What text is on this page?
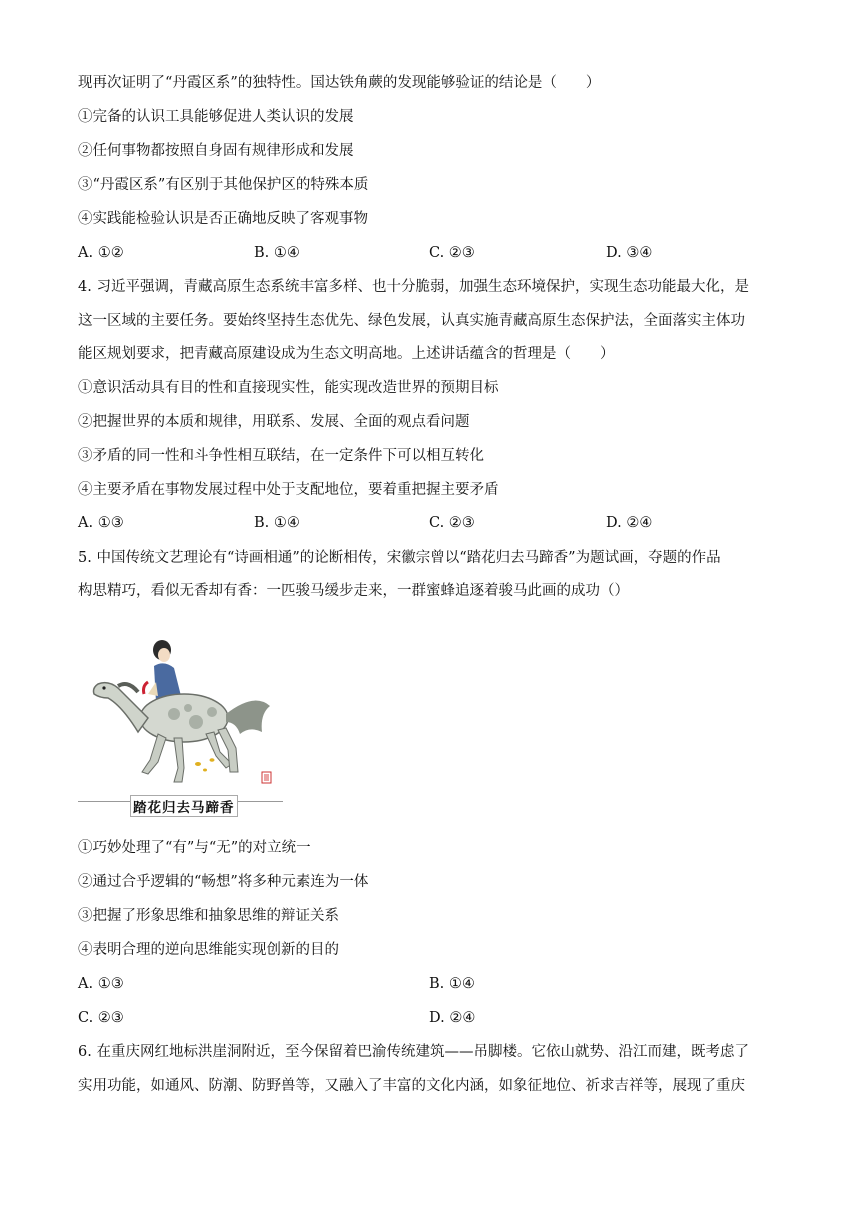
现再次证明了“丹霞区系”的独特性。国达铁角蕨的发现能够验证的结论是（　　）
①完备的认识工具能够促进人类认识的发展
②任何事物都按照自身固有规律形成和发展
③“丹霞区系”有区别于其他保护区的特殊本质
④实践能检验认识是否正确地反映了客观事物
A. ①②	B. ①④	C. ②③	D. ③④
4. 习近平强调，青藏高原生态系统丰富多样、也十分脆弱，加强生态环境保护，实现生态功能最大化，是
这一区域的主要任务。要始终坚持生态优先、绿色发展，认真实施青藏高原生态保护法，全面落实主体功
能区规划要求，把青藏高原建设成为生态文明高地。上述讲话蕴含的哲理是（　　）
①意识活动具有目的性和直接现实性，能实现改造世界的预期目标
②把握世界的本质和规律，用联系、发展、全面的观点看问题
③矛盾的同一性和斗争性相互联结，在一定条件下可以相互转化
④主要矛盾在事物发展过程中处于支配地位，要着重把握主要矛盾
A. ①③	B. ①④	C. ②③	D. ②④
5. 中国传统文艺理论有“诗画相通”的论断相传，宋徽宗曾以“踏花归去马蹄香”为题试画，夺题的作品
构思精巧，看似无香却有香：一匹骏马缓步走来，一群蜜蜂追逐着骏马此画的成功（）
踏花归去马蹄香
①巧妙处理了“有”与“无”的对立统一
②通过合乎逻辑的“畅想”将多种元素连为一体
③把握了形象思维和抽象思维的辩证关系
④表明合理的逆向思维能实现创新的目的
A. ①③	B. ①④
C. ②③	D. ②④
6. 在重庆网红地标洪崖洞附近，至今保留着巴渝传统建筑——吊脚楼。它依山就势、沿江而建，既考虑了
实用功能，如通风、防潮、防野兽等，又融入了丰富的文化内涵，如象征地位、祈求吉祥等，展现了重庆
